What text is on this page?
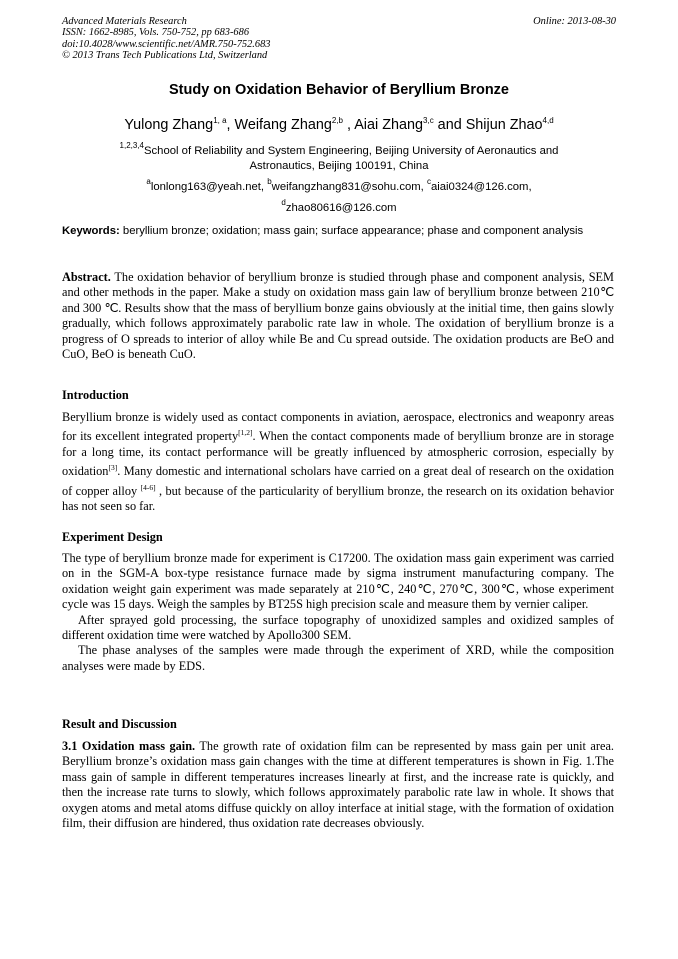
Advanced Materials Research
ISSN: 1662-8985, Vols. 750-752, pp 683-686
doi:10.4028/www.scientific.net/AMR.750-752.683
© 2013 Trans Tech Publications Ltd, Switzerland
Online: 2013-08-30
Study on Oxidation Behavior of Beryllium Bronze
Yulong Zhang$^{1, a}$, Weifang Zhang$^{2,b}$ , Aiai Zhang$^{3,c}$ and Shijun Zhao$^{4,d}$
$^{1,2,3,4}$School of Reliability and System Engineering, Beijing University of Aeronautics and
Astronautics, Beijing 100191, China
$^a$lonlong163@yeah.net, $^b$weifangzhang831@sohu.com, $^c$aiai0324@126.com,
$^d$zhao80616@126.com
Keywords: beryllium bronze; oxidation; mass gain; surface appearance; phase and component analysis

Abstract. The oxidation behavior of beryllium bronze is studied through phase and component analysis, SEM and other methods in the paper. Make a study on oxidation mass gain law of beryllium bronze between 210℃ and 300 ℃. Results show that the mass of beryllium bonze gains obviously at the initial time, then gains slowly gradually, which follows approximately parabolic rate law in whole. The oxidation of beryllium bronze is a progress of O spreads to interior of alloy while Be and Cu spread outside. The oxidation products are BeO and CuO, BeO is beneath CuO.

Introduction

Beryllium bronze is widely used as contact components in aviation, aerospace, electronics and weaponry areas for its excellent integrated property[1,2]. When the contact components made of beryllium bronze are in storage for a long time, its contact performance will be greatly influenced by atmospheric corrosion, especially by oxidation[3]. Many domestic and international scholars have carried on a great deal of research on the oxidation of copper alloy [4-6] , but because of the particularity of beryllium bronze, the research on its oxidation behavior has not seen so far.

Experiment Design

The type of beryllium bronze made for experiment is C17200. The oxidation mass gain experiment was carried on in the SGM-A box-type resistance furnace made by sigma instrument manufacturing company. The oxidation weight gain experiment was made separately at 210℃, 240℃, 270℃, 300℃, whose experiment cycle was 15 days. Weigh the samples by BT25S high precision scale and measure them by vernier caliper.

After sprayed gold processing, the surface topography of unoxidized samples and oxidized samples of different oxidation time were watched by Apollo300 SEM.

The phase analyses of the samples were made through the experiment of XRD, while the composition analyses were made by EDS.

Result and Discussion

3.1 Oxidation mass gain. The growth rate of oxidation film can be represented by mass gain per unit area. Beryllium bronze’s oxidation mass gain changes with the time at different temperatures is shown in Fig. 1.The mass gain of sample in different temperatures increases linearly at first, and the increase rate is quickly, and then the increase rate turns to slowly, which follows approximately parabolic rate law in whole. It shows that oxygen atoms and metal atoms diffuse quickly on alloy interface at initial stage, with the formation of oxidation film, their diffusion are hindered, thus oxidation rate decreases obviously.
